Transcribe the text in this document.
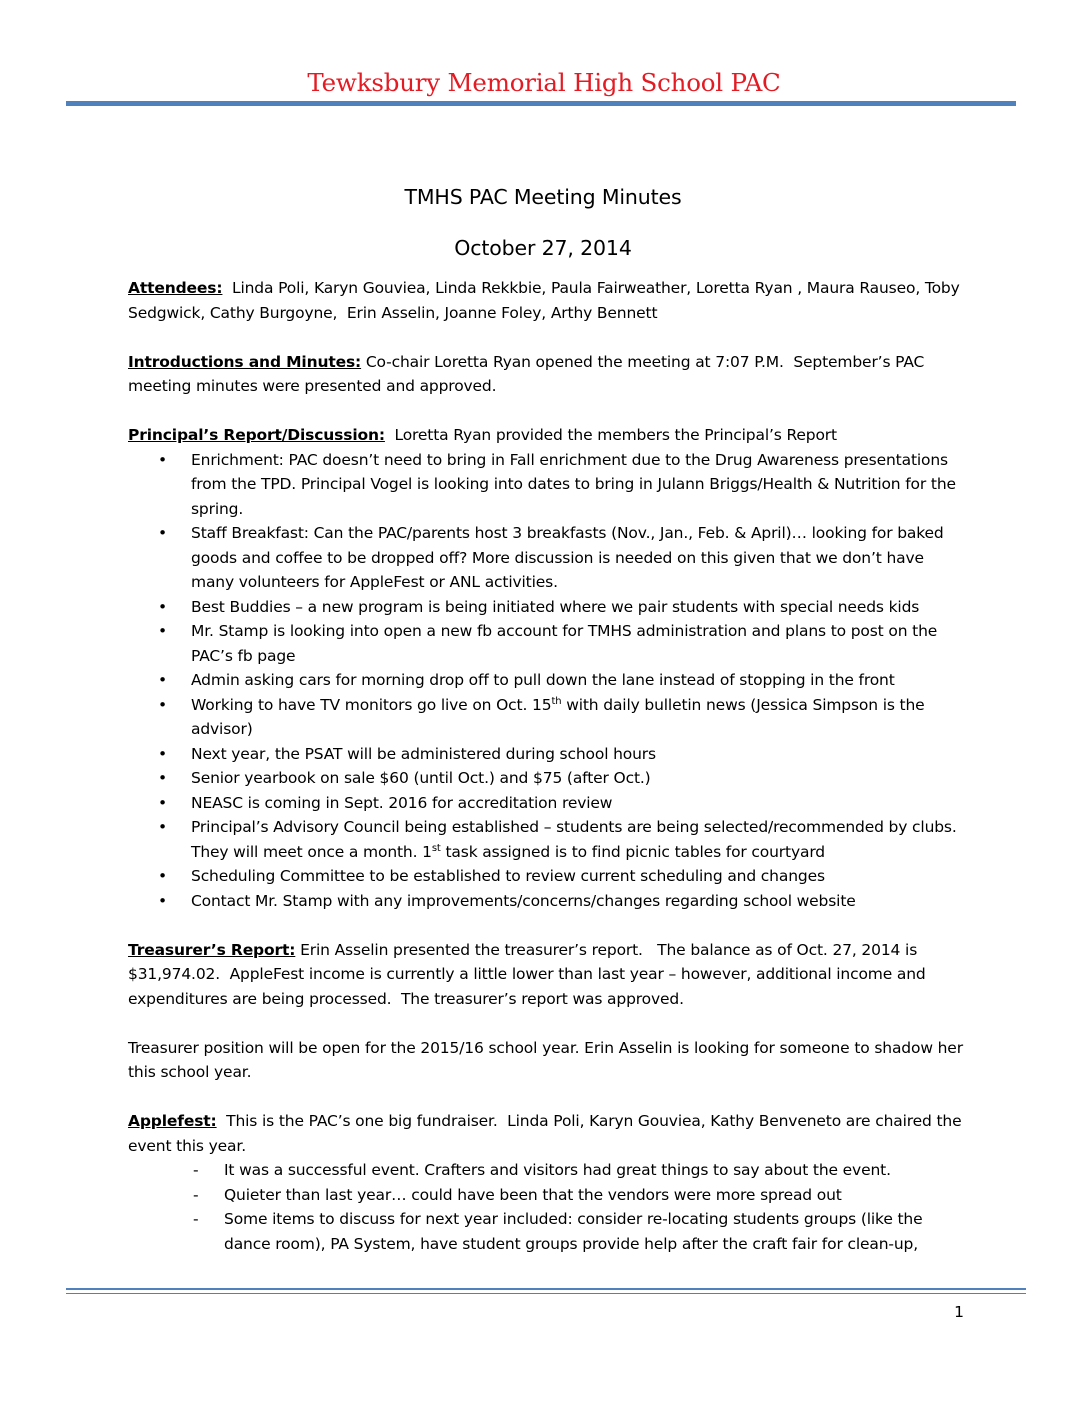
Tewksbury Memorial High School PAC

TMHS PAC Meeting Minutes

October 27, 2014

Attendees:  Linda Poli, Karyn Gouviea, Linda Rekkbie, Paula Fairweather, Loretta Ryan , Maura Rauseo, Toby Sedgwick, Cathy Burgoyne,  Erin Asselin, Joanne Foley, Arthy Bennett

Introductions and Minutes: Co-chair Loretta Ryan opened the meeting at 7:07 P.M.  September’s PAC meeting minutes were presented and approved.

Principal’s Report/Discussion:  Loretta Ryan provided the members the Principal’s Report

• Enrichment: PAC doesn’t need to bring in Fall enrichment due to the Drug Awareness presentations from the TPD. Principal Vogel is looking into dates to bring in Julann Briggs/Health & Nutrition for the spring.
• Staff Breakfast: Can the PAC/parents host 3 breakfasts (Nov., Jan., Feb. & April)… looking for baked goods and coffee to be dropped off? More discussion is needed on this given that we don’t have many volunteers for AppleFest or ANL activities.
• Best Buddies – a new program is being initiated where we pair students with special needs kids
• Mr. Stamp is looking into open a new fb account for TMHS administration and plans to post on the PAC’s fb page
• Admin asking cars for morning drop off to pull down the lane instead of stopping in the front
• Working to have TV monitors go live on Oct. 15th with daily bulletin news (Jessica Simpson is the advisor)
• Next year, the PSAT will be administered during school hours
• Senior yearbook on sale $60 (until Oct.) and $75 (after Oct.)
• NEASC is coming in Sept. 2016 for accreditation review
• Principal’s Advisory Council being established – students are being selected/recommended by clubs. They will meet once a month. 1st task assigned is to find picnic tables for courtyard
• Scheduling Committee to be established to review current scheduling and changes
• Contact Mr. Stamp with any improvements/concerns/changes regarding school website

Treasurer’s Report: Erin Asselin presented the treasurer’s report.   The balance as of Oct. 27, 2014 is $31,974.02.  AppleFest income is currently a little lower than last year – however, additional income and expenditures are being processed.  The treasurer’s report was approved.

Treasurer position will be open for the 2015/16 school year. Erin Asselin is looking for someone to shadow her this school year.

Applefest:  This is the PAC’s one big fundraiser.  Linda Poli, Karyn Gouviea, Kathy Benveneto are chaired the event this year.

- It was a successful event. Crafters and visitors had great things to say about the event.
- Quieter than last year… could have been that the vendors were more spread out
- Some items to discuss for next year included: consider re-locating students groups (like the dance room), PA System, have student groups provide help after the craft fair for clean-up,
1
